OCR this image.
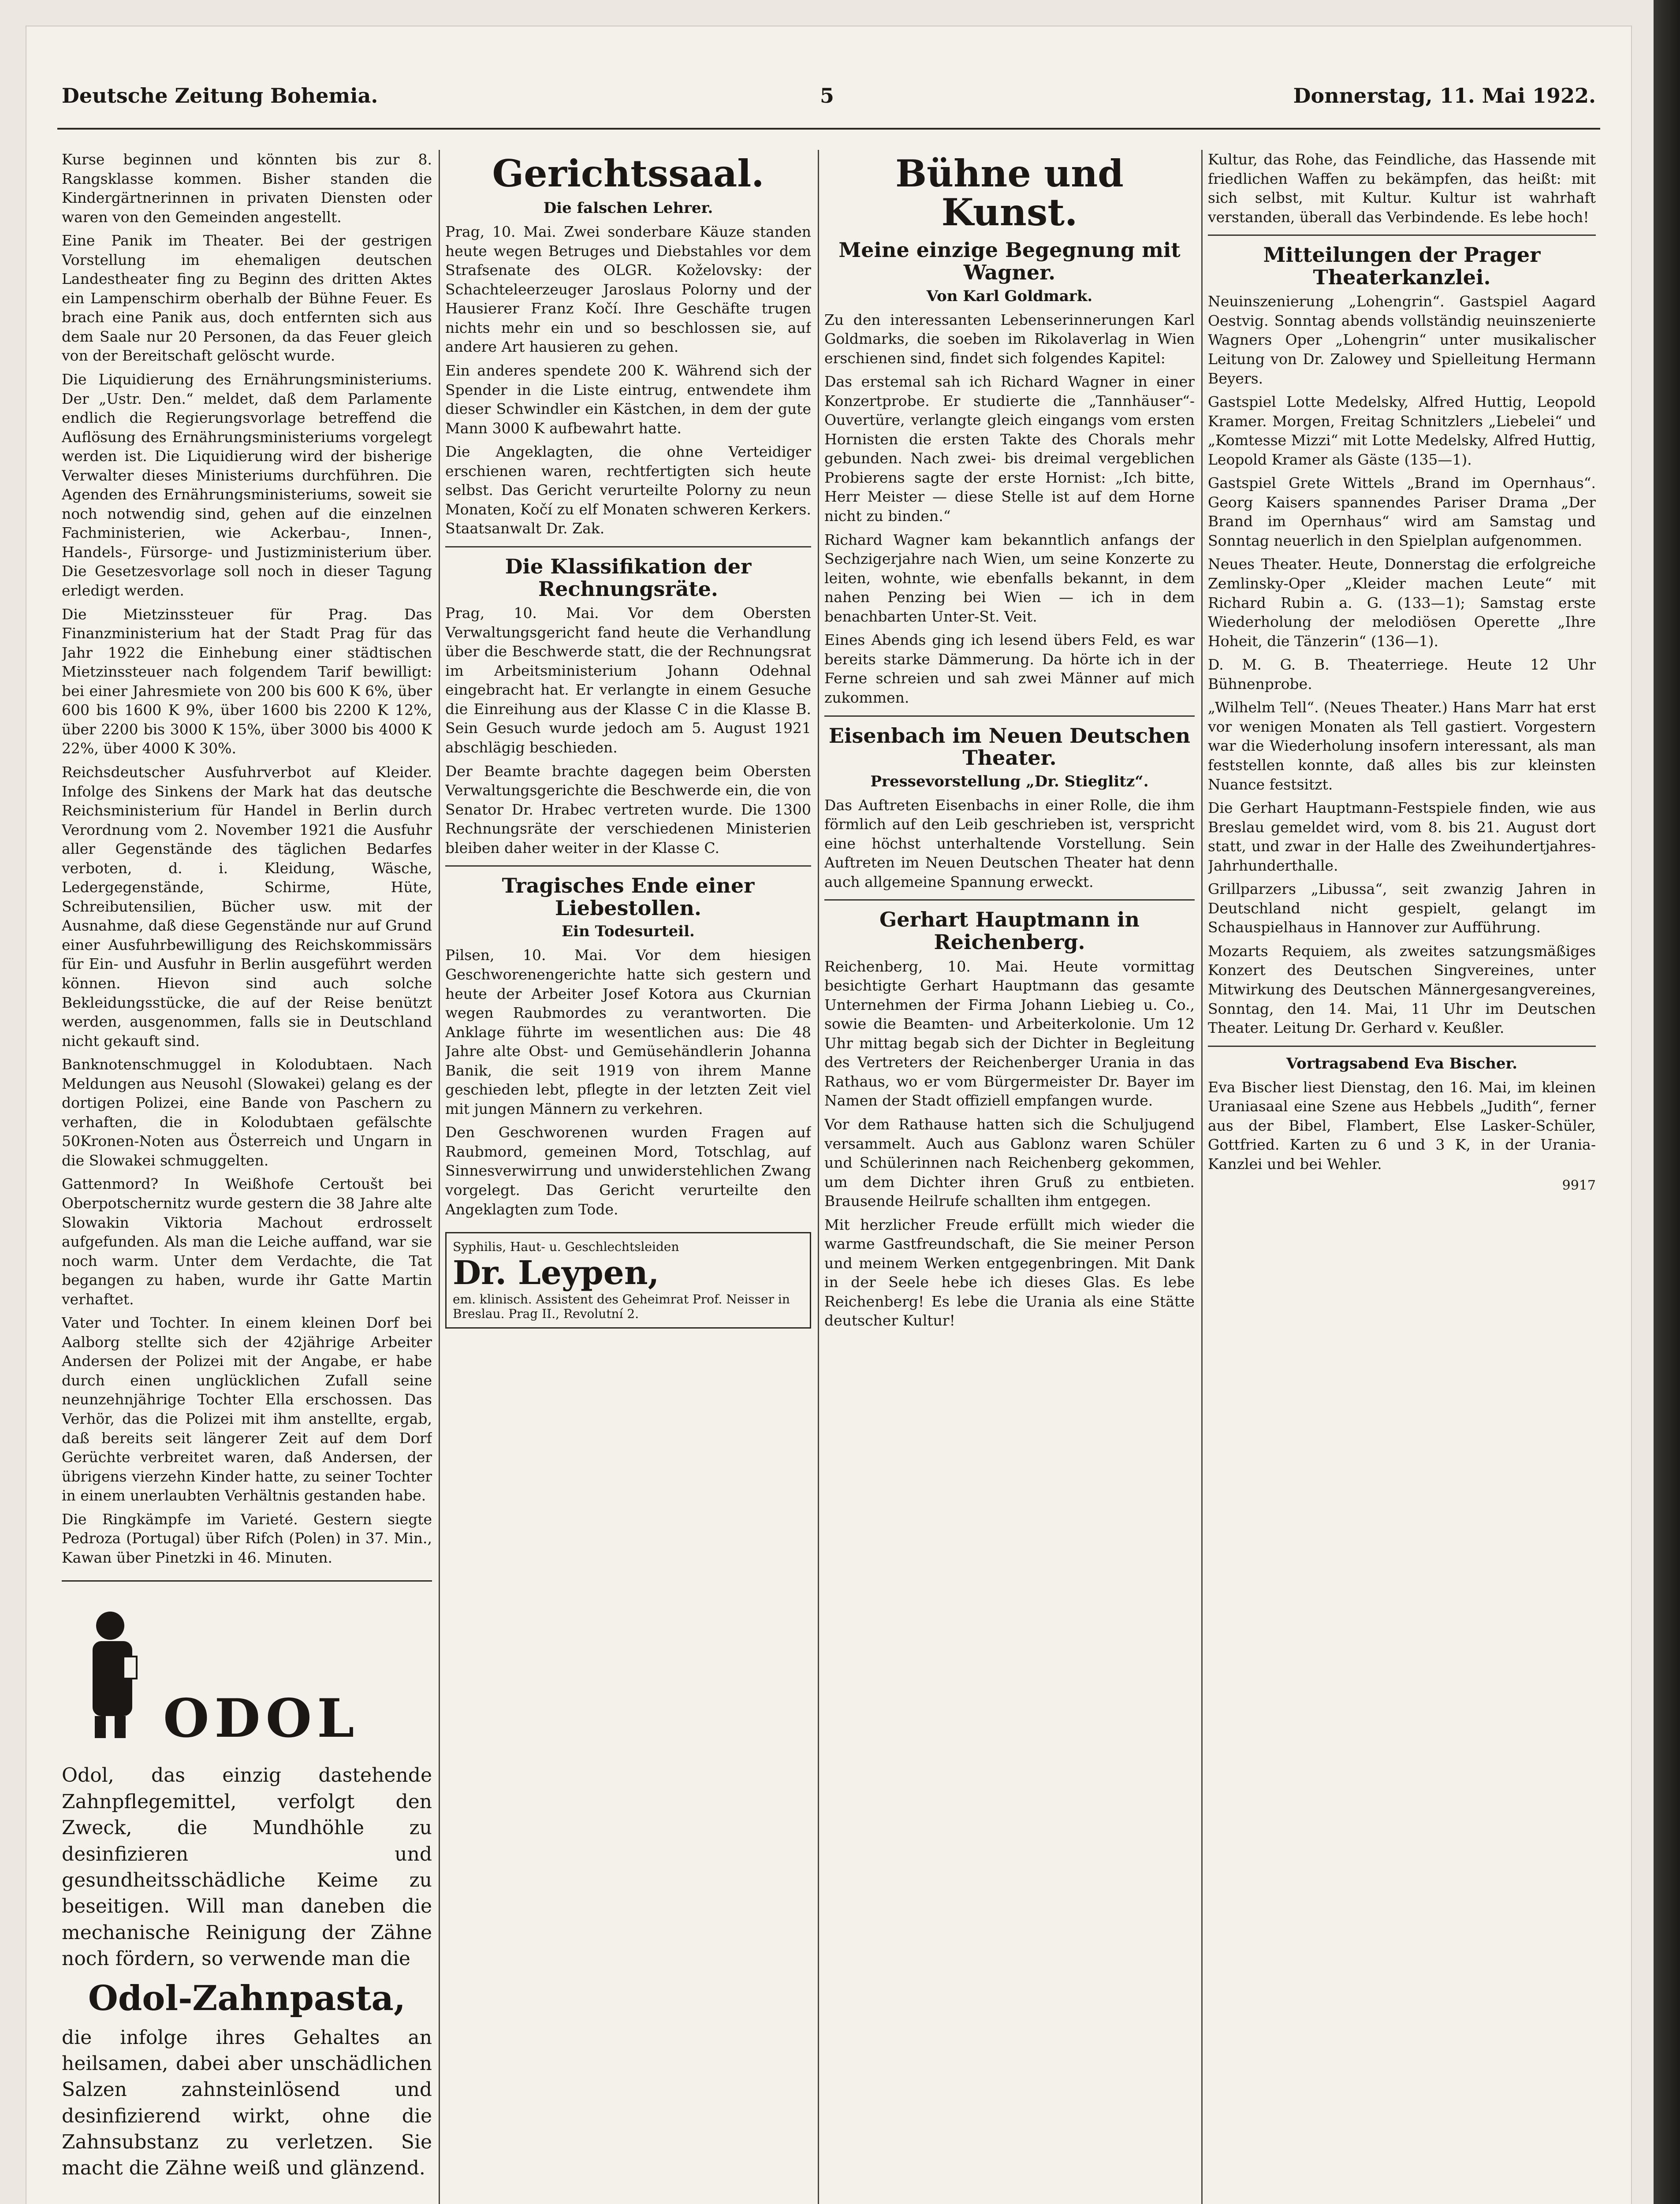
Deutsche Zeitung Bohemia.	5	Donnerstag, 11. Mai 1922.

Kurse beginnen und könnten bis zur 8. Rangsklasse kommen. Bisher standen die Kindergärtnerinnen in privaten Diensten oder waren von den Gemeinden angestellt.

Eine Panik im Theater. Bei der gestrigen Vorstellung im ehemaligen deutschen Landestheater fing zu Beginn des dritten Aktes ein Lampenschirm oberhalb der Bühne Feuer. Es brach eine Panik aus, doch entfernten sich aus dem Saale nur 20 Personen, da das Feuer gleich von der Bereitschaft gelöscht wurde.

Die Liquidierung des Ernährungsministeriums. Der „Ustr. Den.“ meldet, daß dem Parlamente endlich die Regierungsvorlage betreffend die Auflösung des Ernährungsministeriums vorgelegt werden ist. Die Liquidierung wird der bisherige Verwalter dieses Ministeriums durchführen. Die Agenden des Ernährungsministeriums, soweit sie noch notwendig sind, gehen auf die einzelnen Fachministerien, wie Ackerbau-, Innen-, Handels-, Fürsorge- und Justizministerium über. Die Gesetzesvorlage soll noch in dieser Tagung erledigt werden.

Die Mietzinssteuer für Prag. Das Finanzministerium hat der Stadt Prag für das Jahr 1922 die Einhebung einer städtischen Mietzinssteuer nach folgendem Tarif bewilligt: bei einer Jahresmiete von 200 bis 600 K 6%, über 600 bis 1600 K 9%, über 1600 bis 2200 K 12%, über 2200 bis 3000 K 15%, über 3000 bis 4000 K 22%, über 4000 K 30%.

Reichsdeutscher Ausfuhrverbot auf Kleider. Infolge des Sinkens der Mark hat das deutsche Reichsministerium für Handel in Berlin durch Verordnung vom 2. November 1921 die Ausfuhr aller Gegenstände des täglichen Bedarfes verboten, d. i. Kleidung, Wäsche, Ledergegenstände, Schirme, Hüte, Schreibutensilien, Bücher usw. mit der Ausnahme, daß diese Gegenstände nur auf Grund einer Ausfuhrbewilligung des Reichskommissärs für Ein- und Ausfuhr in Berlin ausgeführt werden können. Hievon sind auch solche Bekleidungsstücke, die auf der Reise benützt werden, ausgenommen, falls sie in Deutschland nicht gekauft sind.

Banknotenschmuggel in Kolodubtaen. Nach Meldungen aus Neusohl (Slowakei) gelang es der dortigen Polizei, eine Bande von Paschern zu verhaften, die in Kolodubtaen gefälschte 50Kronen-Noten aus Österreich und Ungarn in die Slowakei schmuggelten.

Gattenmord? In Weißhofe Certoušt bei Oberpotschernitz wurde gestern die 38 Jahre alte Slowakin Viktoria Machout erdrosselt aufgefunden. Als man die Leiche auffand, war sie noch warm. Unter dem Verdachte, die Tat begangen zu haben, wurde ihr Gatte Martin verhaftet.

Vater und Tochter. In einem kleinen Dorf bei Aalborg stellte sich der 42jährige Arbeiter Andersen der Polizei mit der Angabe, er habe durch einen unglücklichen Zufall seine neunzehnjährige Tochter Ella erschossen. Das Verhör, das die Polizei mit ihm anstellte, ergab, daß bereits seit längerer Zeit auf dem Dorf Gerüchte verbreitet waren, daß Andersen, der übrigens vierzehn Kinder hatte, zu seiner Tochter in einem unerlaubten Verhältnis gestanden habe.

Die Ringkämpfe im Varieté. Gestern siegte Pedroza (Portugal) über Rifch (Polen) in 37. Min., Kawan über Pinetzki in 46. Minuten.

ODOL
Odol, das einzig dastehende Zahnpflegemittel, verfolgt den Zweck, die Mundhöhle zu desinfizieren und gesundheitsschädliche Keime zu beseitigen. Will man daneben die mechanische Reinigung der Zähne noch fördern, so verwende man die
Odol-Zahnpasta,
die infolge ihres Gehaltes an heilsamen, dabei aber unschädlichen Salzen zahnsteinlösend und desinfizierend wirkt, ohne die Zahnsubstanz zu verletzen. Sie macht die Zähne weiß und glänzend.
Gerichtssaal.
Die falschen Lehrer.

Prag, 10. Mai. Zwei sonderbare Käuze standen heute wegen Betruges und Diebstahles vor dem Strafsenate des OLGR. Koželovsky: der Schachteleerzeuger Jaroslaus Polorny und der Hausierer Franz Kočí. Ihre Geschäfte trugen nichts mehr ein und so beschlossen sie, auf andere Art hausieren zu gehen.

Ein anderes spendete 200 K. Während sich der Spender in die Liste eintrug, entwendete ihm dieser Schwindler ein Kästchen, in dem der gute Mann 3000 K aufbewahrt hatte.

Die Angeklagten, die ohne Verteidiger erschienen waren, rechtfertigten sich heute selbst. Das Gericht verurteilte Polorny zu neun Monaten, Kočí zu elf Monaten schweren Kerkers. Staatsanwalt Dr. Zak.

Die Klassifikation der Rechnungsräte.

Prag, 10. Mai. Vor dem Obersten Verwaltungsgericht fand heute die Verhandlung über die Beschwerde statt, die der Rechnungsrat im Arbeitsministerium Johann Odehnal eingebracht hat. Er verlangte in einem Gesuche die Einreihung aus der Klasse C in die Klasse B. Sein Gesuch wurde jedoch am 5. August 1921 abschlägig beschieden.

Der Beamte brachte dagegen beim Obersten Verwaltungsgerichte die Beschwerde ein, die von Senator Dr. Hrabec vertreten wurde. Die 1300 Rechnungsräte der verschiedenen Ministerien bleiben daher weiter in der Klasse C.

Tragisches Ende einer Liebestollen.
Ein Todesurteil.

Pilsen, 10. Mai. Vor dem hiesigen Geschworenengerichte hatte sich gestern und heute der Arbeiter Josef Kotora aus Ckurnian wegen Raubmordes zu verantworten. Die Anklage führte im wesentlichen aus: Die 48 Jahre alte Obst- und Gemüsehändlerin Johanna Banik, die seit 1919 von ihrem Manne geschieden lebt, pflegte in der letzten Zeit viel mit jungen Männern zu verkehren.

Den Geschworenen wurden Fragen auf Raubmord, gemeinen Mord, Totschlag, auf Sinnesverwirrung und unwiderstehlichen Zwang vorgelegt. Das Gericht verurteilte den Angeklagten zum Tode.

Syphilis, Haut- u. Geschlechtsleiden
Dr. Leypen,
em. klinisch. Assistent des Geheimrat Prof. Neisser in Breslau. Prag II., Revolutní 2.
Bühne und Kunst.
Meine einzige Begegnung mit Wagner.
Von Karl Goldmark.

Zu den interessanten Lebenserinnerungen Karl Goldmarks, die soeben im Rikolaverlag in Wien erschienen sind, findet sich folgendes Kapitel:

Das erstemal sah ich Richard Wagner in einer Konzertprobe. Er studierte die „Tannhäuser“-Ouvertüre, verlangte gleich eingangs vom ersten Hornisten die ersten Takte des Chorals mehr gebunden. Nach zwei- bis dreimal vergeblichen Probierens sagte der erste Hornist: „Ich bitte, Herr Meister — diese Stelle ist auf dem Horne nicht zu binden.“

Richard Wagner kam bekanntlich anfangs der Sechzigerjahre nach Wien, um seine Konzerte zu leiten, wohnte, wie ebenfalls bekannt, in dem nahen Penzing bei Wien — ich in dem benachbarten Unter-St. Veit.

Eines Abends ging ich lesend übers Feld, es war bereits starke Dämmerung. Da hörte ich in der Ferne schreien und sah zwei Männer auf mich zukommen.

Eisenbach im Neuen Deutschen Theater.
Pressevorstellung „Dr. Stieglitz“.

Das Auftreten Eisenbachs in einer Rolle, die ihm förmlich auf den Leib geschrieben ist, verspricht eine höchst unterhaltende Vorstellung. Sein Auftreten im Neuen Deutschen Theater hat denn auch allgemeine Spannung erweckt.

Gerhart Hauptmann in Reichenberg.

Reichenberg, 10. Mai. Heute vormittag besichtigte Gerhart Hauptmann das gesamte Unternehmen der Firma Johann Liebieg u. Co., sowie die Beamten- und Arbeiterkolonie. Um 12 Uhr mittag begab sich der Dichter in Begleitung des Vertreters der Reichenberger Urania in das Rathaus, wo er vom Bürgermeister Dr. Bayer im Namen der Stadt offiziell empfangen wurde.

Vor dem Rathause hatten sich die Schuljugend versammelt. Auch aus Gablonz waren Schüler und Schülerinnen nach Reichenberg gekommen, um dem Dichter ihren Gruß zu entbieten. Brausende Heilrufe schallten ihm entgegen.

Mit herzlicher Freude erfüllt mich wieder die warme Gastfreundschaft, die Sie meiner Person und meinem Werken entgegenbringen. Mit Dank in der Seele hebe ich dieses Glas. Es lebe Reichenberg! Es lebe die Urania als eine Stätte deutscher Kultur!

Kultur, das Rohe, das Feindliche, das Hassende mit friedlichen Waffen zu bekämpfen, das heißt: mit sich selbst, mit Kultur. Kultur ist wahrhaft verstanden, überall das Verbindende. Es lebe hoch!

Mitteilungen der Prager Theaterkanzlei.

Neuinszenierung „Lohengrin“. Gastspiel Aagard Oestvig. Sonntag abends vollständig neuinszenierte Wagners Oper „Lohengrin“ unter musikalischer Leitung von Dr. Zalowey und Spielleitung Hermann Beyers.

Gastspiel Lotte Medelsky, Alfred Huttig, Leopold Kramer. Morgen, Freitag Schnitzlers „Liebelei“ und „Komtesse Mizzi“ mit Lotte Medelsky, Alfred Huttig, Leopold Kramer als Gäste (135—1).

Gastspiel Grete Wittels „Brand im Opernhaus“. Georg Kaisers spannendes Pariser Drama „Der Brand im Opernhaus“ wird am Samstag und Sonntag neuerlich in den Spielplan aufgenommen.

Neues Theater. Heute, Donnerstag die erfolgreiche Zemlinsky-Oper „Kleider machen Leute“ mit Richard Rubin a. G. (133—1); Samstag erste Wiederholung der melodiösen Operette „Ihre Hoheit, die Tänzerin“ (136—1).

D. M. G. B. Theaterriege. Heute 12 Uhr Bühnenprobe.

„Wilhelm Tell“. (Neues Theater.) Hans Marr hat erst vor wenigen Monaten als Tell gastiert. Vorgestern war die Wiederholung insofern interessant, als man feststellen konnte, daß alles bis zur kleinsten Nuance festsitzt.

Die Gerhart Hauptmann-Festspiele finden, wie aus Breslau gemeldet wird, vom 8. bis 21. August dort statt, und zwar in der Halle des Zweihundertjahres-Jahrhunderthalle.

Grillparzers „Libussa“, seit zwanzig Jahren in Deutschland nicht gespielt, gelangt im Schauspielhaus in Hannover zur Aufführung.

Mozarts Requiem, als zweites satzungsmäßiges Konzert des Deutschen Singvereines, unter Mitwirkung des Deutschen Männergesangvereines, Sonntag, den 14. Mai, 11 Uhr im Deutschen Theater. Leitung Dr. Gerhard v. Keußler.

Vortragsabend Eva Bischer.

Eva Bischer liest Dienstag, den 16. Mai, im kleinen Uraniasaal eine Szene aus Hebbels „Judith“, ferner aus der Bibel, Flambert, Else Lasker-Schüler, Gottfried. Karten zu 6 und 3 K, in der Urania-Kanzlei und bei Wehler.

9917
